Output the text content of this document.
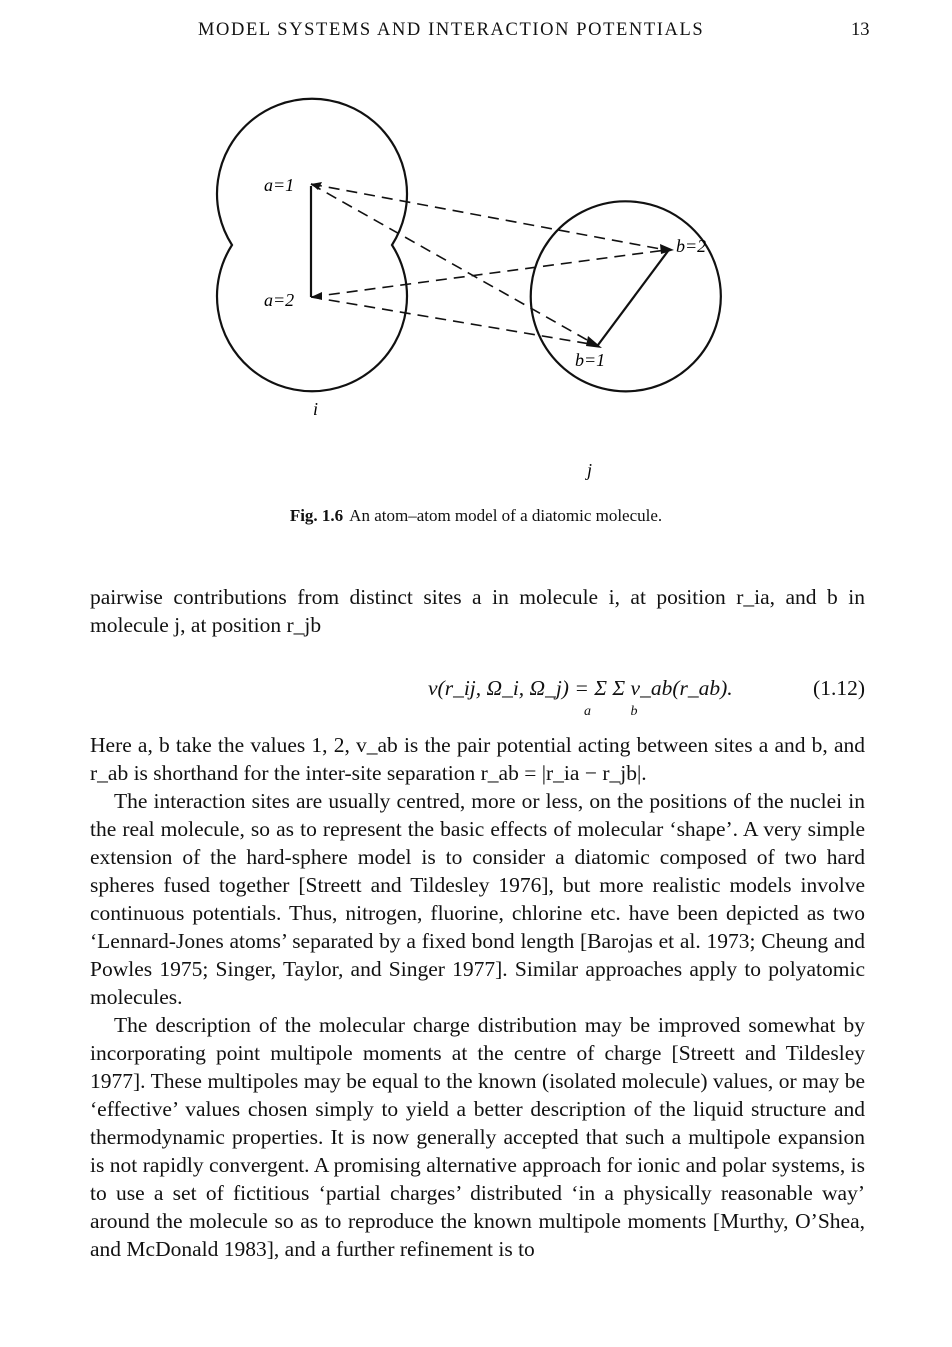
MODEL SYSTEMS AND INTERACTION POTENTIALS	13
a=1
a=2
b=2
b=1
i
j
Fig. 1.6 An atom–atom model of a diatomic molecule.

pairwise contributions from distinct sites a in molecule i, at position r_ia, and b in molecule j, at position r_jb

v(r_ij, Ω_i, Ω_j) = Σ Σ v_ab(r_ab).
a b
(1.12)

Here a, b take the values 1, 2, v_ab is the pair potential acting between sites a and b, and r_ab is shorthand for the inter-site separation r_ab = |r_ia − r_jb|.

The interaction sites are usually centred, more or less, on the positions of the nuclei in the real molecule, so as to represent the basic effects of molecular ‘shape’. A very simple extension of the hard-sphere model is to consider a diatomic composed of two hard spheres fused together [Streett and Tildesley 1976], but more realistic models involve continuous potentials. Thus, nitrogen, fluorine, chlorine etc. have been depicted as two ‘Lennard-Jones atoms’ separated by a fixed bond length [Barojas et al. 1973; Cheung and Powles 1975; Singer, Taylor, and Singer 1977]. Similar approaches apply to polyatomic molecules.

The description of the molecular charge distribution may be improved somewhat by incorporating point multipole moments at the centre of charge [Streett and Tildesley 1977]. These multipoles may be equal to the known (isolated molecule) values, or may be ‘effective’ values chosen simply to yield a better description of the liquid structure and thermodynamic properties. It is now generally accepted that such a multipole expansion is not rapidly convergent. A promising alternative approach for ionic and polar systems, is to use a set of fictitious ‘partial charges’ distributed ‘in a physically reasonable way’ around the molecule so as to reproduce the known multipole moments [Murthy, O’Shea, and McDonald 1983], and a further refinement is to
